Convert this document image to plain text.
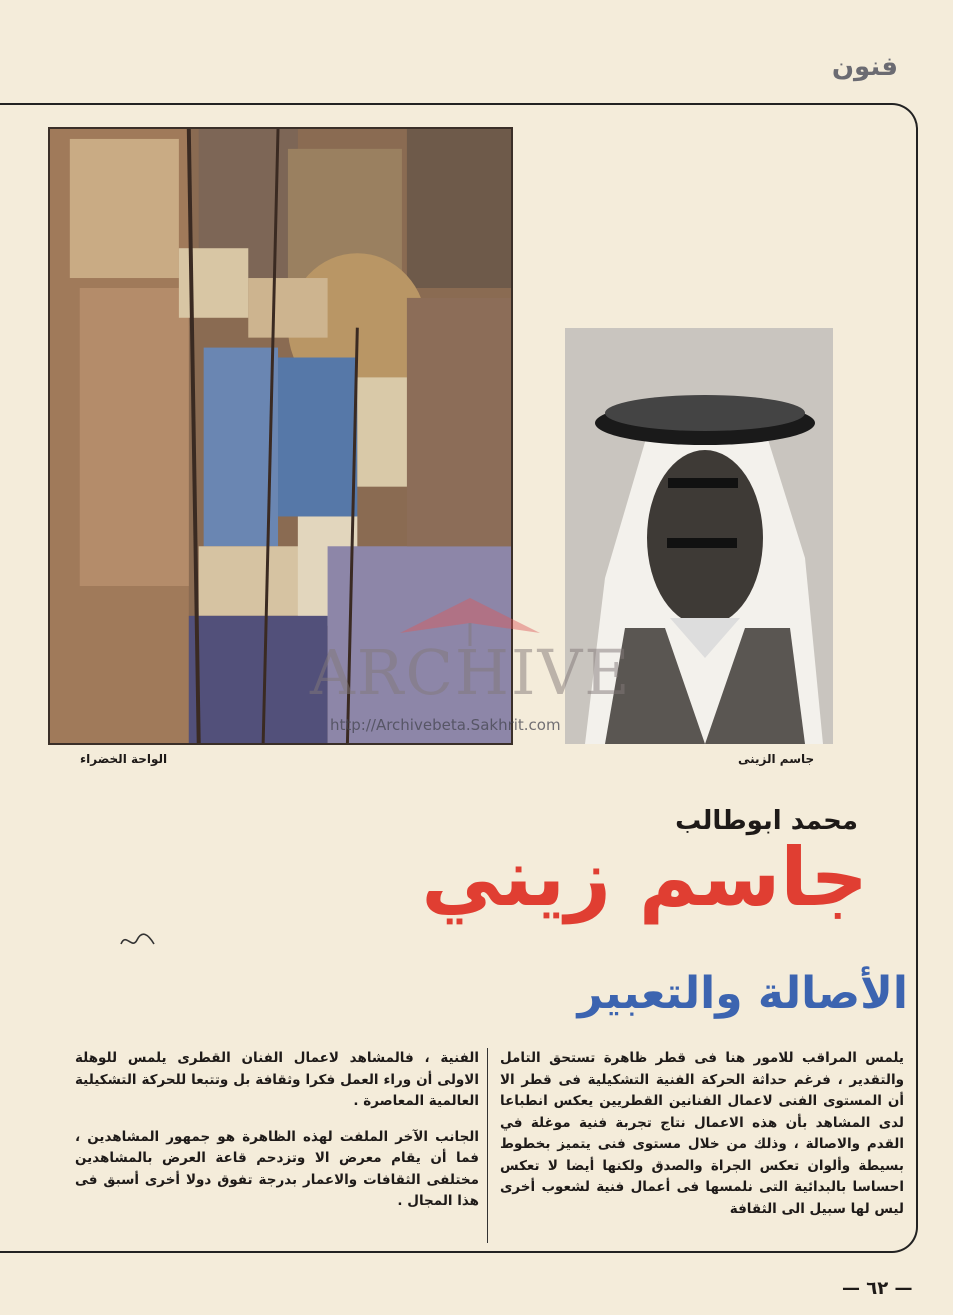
فنون
الواحة الخضراء	جاسم الزينى
ARCHIVE
http://Archivebeta.Sakhrit.com
محمد ابوطالب
جاسم زيني
الأصالة والتعبير

يلمس المراقب للامور هنا فى قطر ظاهرة تستحق التامل والتقدير ، فرغم حداثة الحركة الفنية التشكيلية فى قطر الا أن المستوى الفنى لاعمال الفنانين القطريين يعكس انطباعا لدى المشاهد بأن هذه الاعمال نتاج تجربة فنية موغلة في القدم والاصالة ، وذلك من خلال مستوى فنى يتميز بخطوط بسيطة وألوان تعكس الجراة والصدق ولكنها أيضا لا تعكس احساسا بالبدائية التى نلمسها فى أعمال فنية لشعوب أخرى ليس لها سبيل الى الثقافة

الفنية ، فالمشاهد لاعمال الفنان القطرى يلمس للوهلة الاولى أن وراء العمل فكرا وثقافة بل وتتبعا للحركة التشكيلية العالمية المعاصرة .

الجانب الآخر الملفت لهذه الظاهرة هو جمهور المشاهدين ، فما أن يقام معرض الا وتزدحم قاعة العرض بالمشاهدين مختلفى الثقافات والاعمار بدرجة تفوق دولا أخرى أسبق فى هذا المجال .

— ٦٢ —
